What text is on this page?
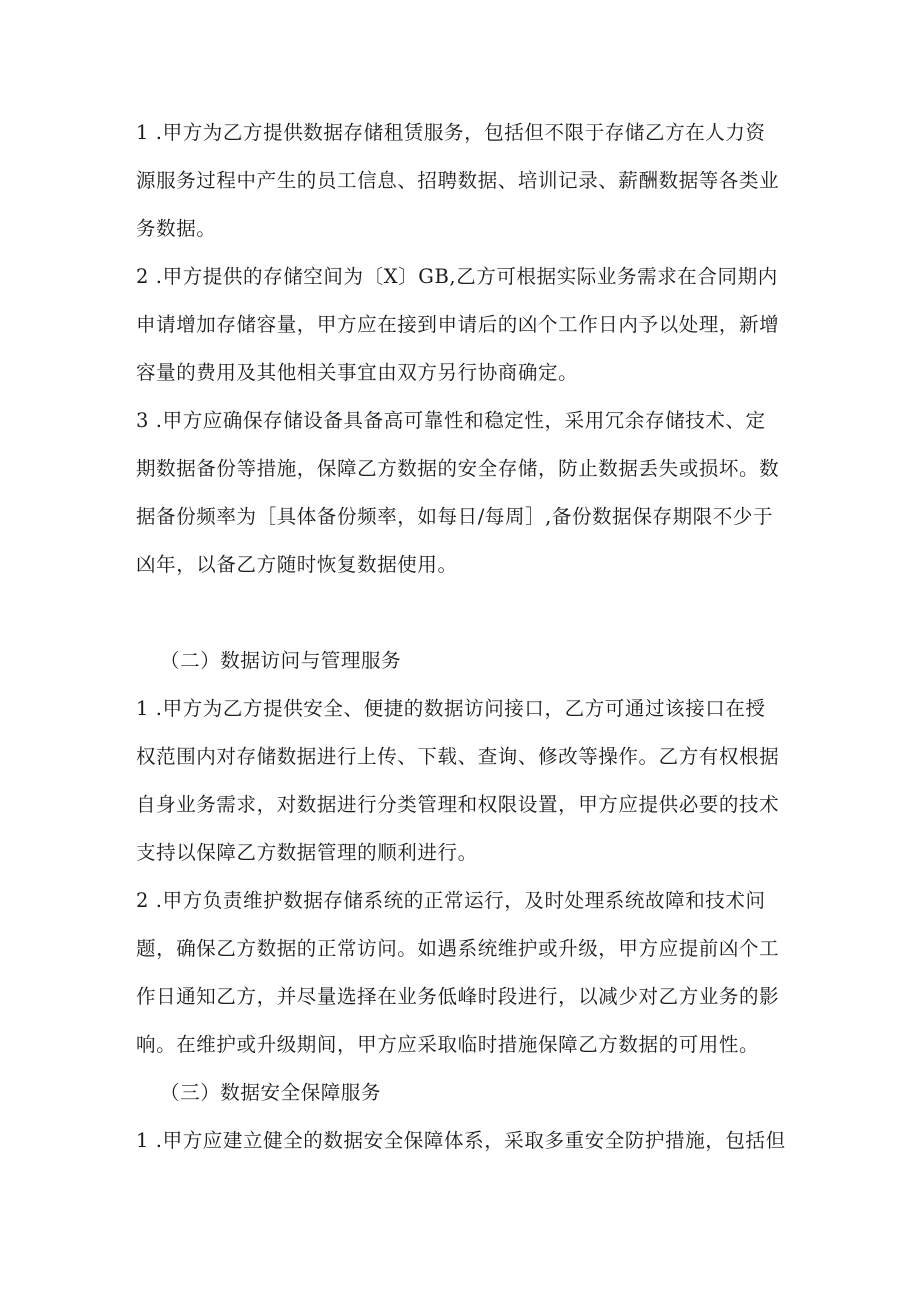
1 .甲方为乙方提供数据存储租赁服务，包括但不限于存储乙方在人力资
源服务过程中产生的员工信息、招聘数据、培训记录、薪酬数据等各类业
务数据。
2 .甲方提供的存储空间为〔X〕GB,乙方可根据实际业务需求在合同期内
申请增加存储容量，甲方应在接到申请后的凶个工作日内予以处理，新增
容量的费用及其他相关事宜由双方另行协商确定。
3 .甲方应确保存储设备具备高可靠性和稳定性，采用冗余存储技术、定
期数据备份等措施，保障乙方数据的安全存储，防止数据丢失或损坏。数
据备份频率为［具体备份频率，如每日/每周］,备份数据保存期限不少于
凶年，以备乙方随时恢复数据使用。
（二）数据访问与管理服务
1 .甲方为乙方提供安全、便捷的数据访问接口，乙方可通过该接口在授
权范围内对存储数据进行上传、下载、查询、修改等操作。乙方有权根据
自身业务需求，对数据进行分类管理和权限设置，甲方应提供必要的技术
支持以保障乙方数据管理的顺利进行。
2 .甲方负责维护数据存储系统的正常运行，及时处理系统故障和技术问
题，确保乙方数据的正常访问。如遇系统维护或升级，甲方应提前凶个工
作日通知乙方，并尽量选择在业务低峰时段进行，以减少对乙方业务的影
响。在维护或升级期间，甲方应采取临时措施保障乙方数据的可用性。
（三）数据安全保障服务
1 .甲方应建立健全的数据安全保障体系，采取多重安全防护措施，包括但
